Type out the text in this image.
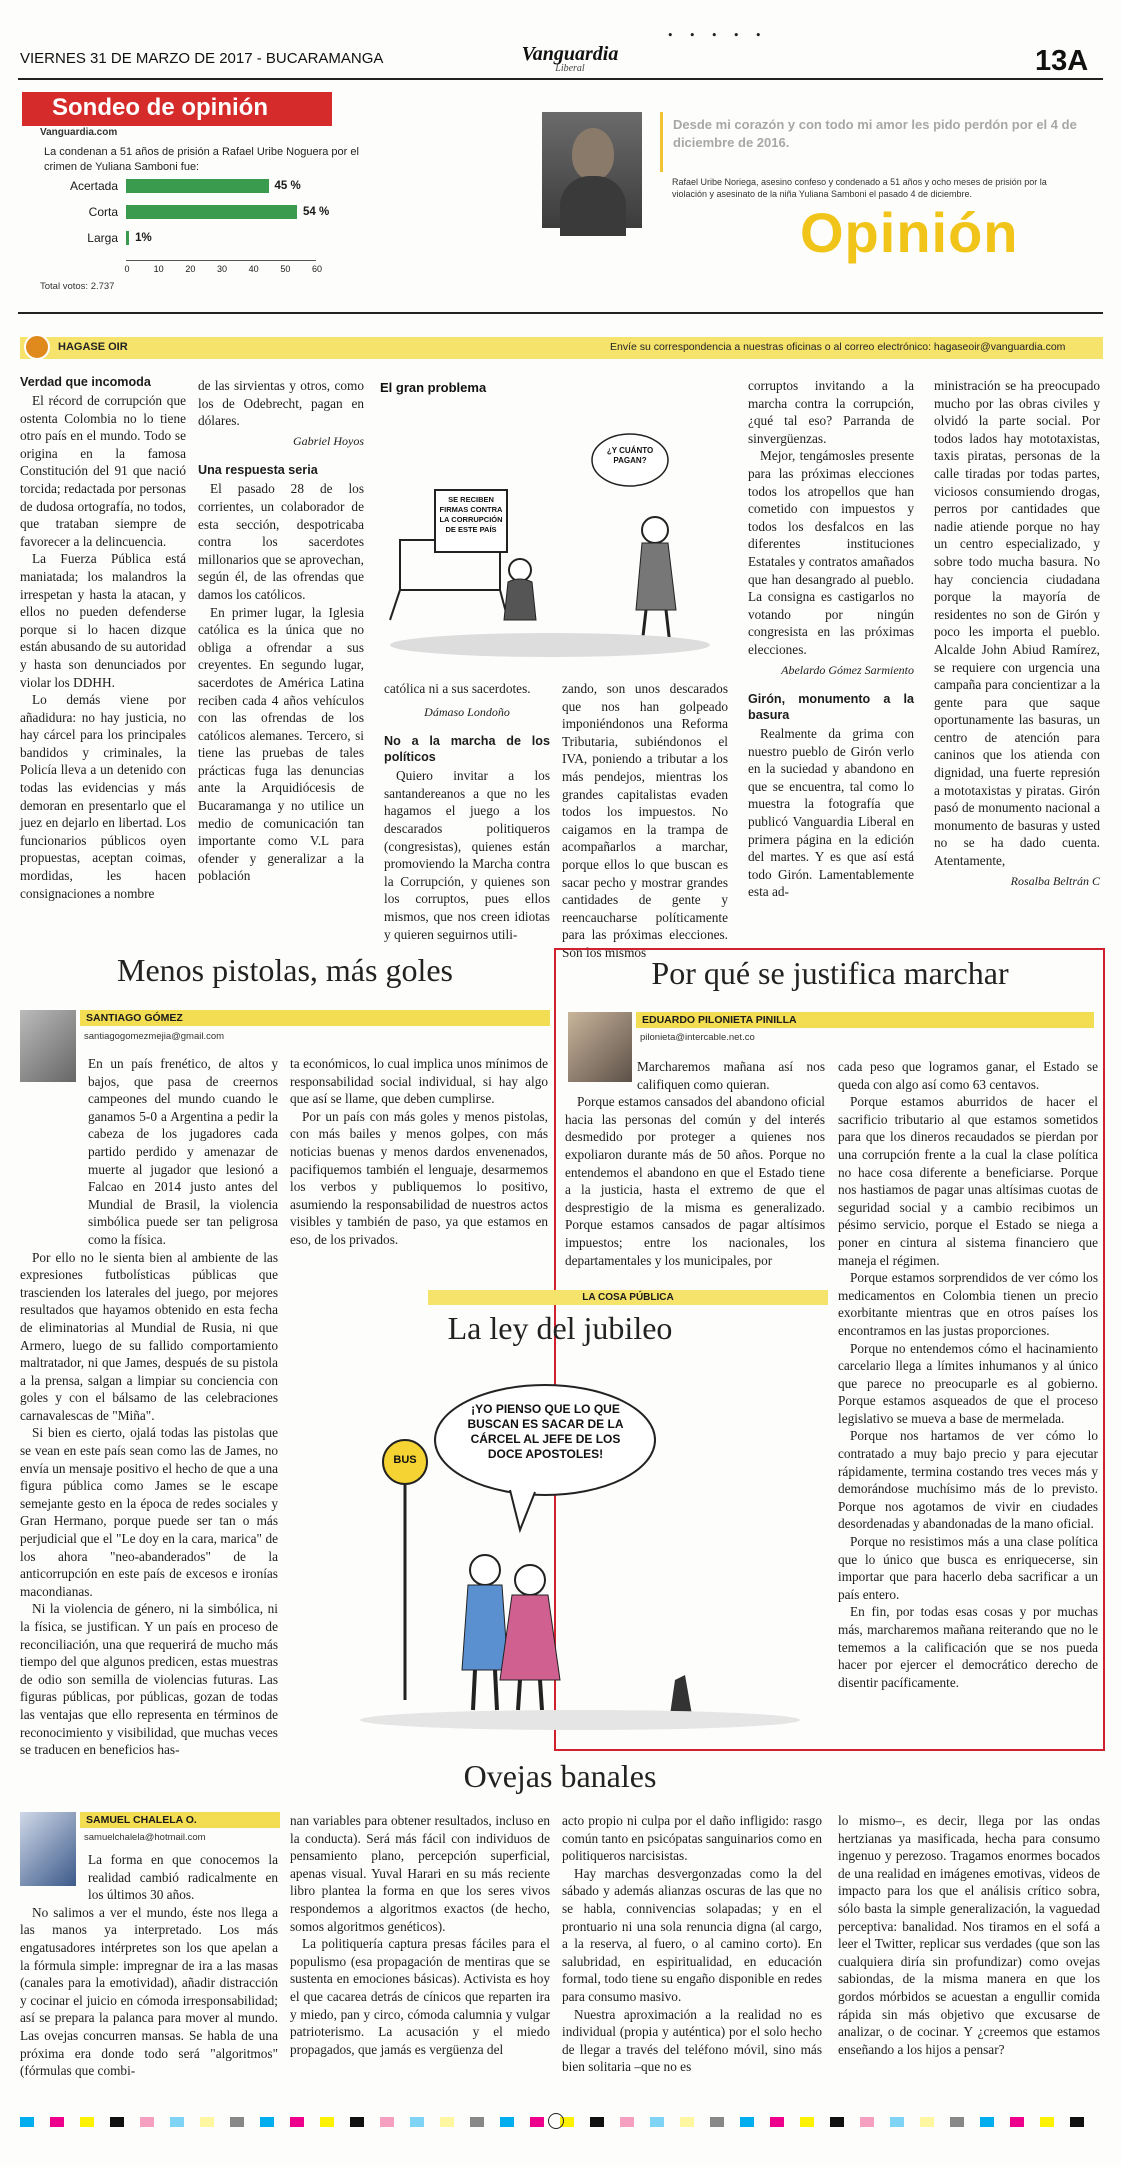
• • • • •
VIERNES 31 DE MARZO DE 2017 - BUCARAMANGA	Vanguardia
Liberal	13A
Sondeo de opinión
Vanguardia.com
La condenan a 51 años de prisión a Rafael Uribe Noguera por el crimen de Yuliana Samboni fue:
Acertada	45 %
Corta	54 %
Larga 1%
0	10 20 30 40 50 60
Total votos: 2.737
Desde mi corazón y con todo mi amor les pido perdón por el 4 de diciembre de 2016.
Rafael Uribe Noriega, asesino confeso y condenado a 51 años y ocho meses de prisión por la violación y asesinato de la niña Yuliana Samboni el pasado 4 de diciembre.
Opinión
HAGASE OIR	Envíe su correspondencia a nuestras oficinas o al correo electrónico: hagaseoir@vanguardia.com
Verdad que incomoda

El récord de corrupción que ostenta Colombia no lo tiene otro país en el mundo. Todo se origina en la famosa Constitución del 91 que nació torcida; redactada por personas de dudosa ortografía, no todos, que trataban siempre de favorecer a la delincuencia.

La Fuerza Pública está maniatada; los malandros la irrespetan y hasta la atacan, y ellos no pueden defenderse porque si lo hacen dizque están abusando de su autoridad y hasta son denunciados por violar los DDHH.

Lo demás viene por añadidura: no hay justicia, no hay cárcel para los principales bandidos y criminales, la Policía lleva a un detenido con todas las evidencias y más demoran en presentarlo que el juez en dejarlo en libertad. Los funcionarios públicos oyen propuestas, aceptan coimas, mordidas, les hacen consignaciones a nombre

de las sirvientas y otros, como los de Odebrecht, pagan en dólares.

Gabriel Hoyos
Una respuesta seria

El pasado 28 de los corrientes, un colaborador de esta sección, despotricaba contra los sacerdotes millonarios que se aprovechan, según él, de las ofrendas que damos los católicos.

En primer lugar, la Iglesia católica es la única que no obliga a ofrendar a sus creyentes. En segundo lugar, sacerdotes de América Latina reciben cada 4 años vehículos con las ofrendas de los católicos alemanes. Tercero, si tiene las pruebas de tales prácticas fuga las denuncias ante la Arquidiócesis de Bucaramanga y no utilice un medio de comunicación tan importante como V.L para ofender y generalizar a la población

El gran problema
SE RECIBEN FIRMAS CONTRA LA CORRUPCIÓN DE ESTE PAÍS
¿Y CUÁNTO PAGAN?

católica ni a sus sacerdotes.

Dámaso Londoño
No a la marcha de los políticos

Quiero invitar a los santandereanos a que no les hagamos el juego a los descarados politiqueros (congresistas), quienes están promoviendo la Marcha contra la Corrupción, y quienes son los corruptos, pues ellos mismos, que nos creen idiotas y quieren seguirnos utili-

zando, son unos descarados que nos han golpeado imponiéndonos una Reforma Tributaria, subiéndonos el IVA, poniendo a tributar a los más pendejos, mientras los grandes capitalistas evaden todos los impuestos. No caigamos en la trampa de acompañarlos a marchar, porque ellos lo que buscan es sacar pecho y mostrar grandes cantidades de gente y reencaucharse políticamente para las próximas elecciones. Son los mismos

corruptos invitando a la marcha contra la corrupción, ¿qué tal eso? Parranda de sinvergüenzas.

Mejor, tengámosles presente para las próximas elecciones todos los atropellos que han cometido con impuestos y todos los desfalcos en las diferentes instituciones Estatales y contratos amañados que han desangrado al pueblo. La consigna es castigarlos no votando por ningún congresista en las próximas elecciones.

Abelardo Gómez Sarmiento
Girón, monumento a la basura

Realmente da grima con nuestro pueblo de Girón verlo en la suciedad y abandono en que se encuentra, tal como lo muestra la fotografía que publicó Vanguardia Liberal en primera página en la edición del martes. Y es que así está todo Girón. Lamentablemente esta ad-

ministración se ha preocupado mucho por las obras civiles y olvidó la parte social. Por todos lados hay mototaxistas, taxis piratas, personas de la calle tiradas por todas partes, viciosos consumiendo drogas, perros por cantidades que nadie atiende porque no hay un centro especializado, y sobre todo mucha basura. No hay conciencia ciudadana porque la mayoría de residentes no son de Girón y poco les importa el pueblo. Alcalde John Abiud Ramírez, se requiere con urgencia una campaña para concientizar a la gente para que saque oportunamente las basuras, un centro de atención para caninos que los atienda con dignidad, una fuerte represión a mototaxistas y piratas. Girón pasó de monumento nacional a monumento de basuras y usted no se ha dado cuenta. Atentamente,

Rosalba Beltrán C
Menos pistolas, más goles
SANTIAGO GÓMEZ
santiagogomezmejia@gmail.com

En un país frenético, de altos y bajos, que pasa de creernos campeones del mundo cuando le ganamos 5-0 a Argentina a pedir la cabeza de los jugadores cada partido perdido y amenazar de muerte al jugador que lesionó a Falcao en 2014 justo antes del Mundial de Brasil, la violencia simbólica puede ser tan peligrosa como la física.

Por ello no le sienta bien al ambiente de las expresiones futbolísticas públicas que trascienden los laterales del juego, por mejores resultados que hayamos obtenido en esta fecha de eliminatorias al Mundial de Rusia, ni que Armero, luego de su fallido comportamiento maltratador, ni que James, después de su pistola a la prensa, salgan a limpiar su conciencia con goles y con el bálsamo de las celebraciones carnavalescas de "Miña".

Si bien es cierto, ojalá todas las pistolas que se vean en este país sean como las de James, no envía un mensaje positivo el hecho de que a una figura pública como James se le escape semejante gesto en la época de redes sociales y Gran Hermano, porque puede ser tan o más perjudicial que el "Le doy en la cara, marica" de los ahora "neo-abanderados" de la anticorrupción en este país de excesos e ironías macondianas.

Ni la violencia de género, ni la simbólica, ni la física, se justifican. Y un país en proceso de reconciliación, una que requerirá de mucho más tiempo del que algunos predicen, estas muestras de odio son semilla de violencias futuras. Las figuras públicas, por públicas, gozan de todas las ventajas que ello representa en términos de reconocimiento y visibilidad, que muchas veces se traducen en beneficios has-

ta económicos, lo cual implica unos mínimos de responsabilidad social individual, si hay algo que así se llame, que deben cumplirse.

Por un país con más goles y menos pistolas, con más bailes y menos golpes, con más noticias buenas y menos dardos envenenados, pacifiquemos también el lenguaje, desarmemos los verbos y publiquemos lo positivo, asumiendo la responsabilidad de nuestros actos visibles y también de paso, ya que estamos en eso, de los privados.

Por qué se justifica marchar
EDUARDO PILONIETA PINILLA
pilonieta@intercable.net.co

Marcharemos mañana así nos califiquen como quieran.

Porque estamos cansados del abandono oficial hacia las personas del común y del interés desmedido por proteger a quienes nos expoliaron durante más de 50 años. Porque no entendemos el abandono en que el Estado tiene a la justicia, hasta el extremo de que el desprestigio de la misma es generalizado. Porque estamos cansados de pagar altísimos impuestos; entre los nacionales, los departamentales y los municipales, por

cada peso que logramos ganar, el Estado se queda con algo así como 63 centavos.

Porque estamos aburridos de hacer el sacrificio tributario al que estamos sometidos para que los dineros recaudados se pierdan por una corrupción frente a la cual la clase política no hace cosa diferente a beneficiarse. Porque nos hastiamos de pagar unas altísimas cuotas de seguridad social y a cambio recibimos un pésimo servicio, porque el Estado se niega a poner en cintura al sistema financiero que maneja el régimen.

Porque estamos sorprendidos de ver cómo los medicamentos en Colombia tienen un precio exorbitante mientras que en otros países los encontramos en las justas proporciones.

Porque no entendemos cómo el hacinamiento carcelario llega a límites inhumanos y al único que parece no preocuparle es al gobierno. Porque estamos asqueados de que el proceso legislativo se mueva a base de mermelada.

Porque nos hartamos de ver cómo lo contratado a muy bajo precio y para ejecutar rápidamente, termina costando tres veces más y demorándose muchísimo más de lo previsto. Porque nos agotamos de vivir en ciudades desordenadas y abandonadas de la mano oficial.

Porque no resistimos más a una clase política que lo único que busca es enriquecerse, sin importar que para hacerlo deba sacrificar a un país entero.

En fin, por todas esas cosas y por muchas más, marcharemos mañana reiterando que no le tememos a la calificación que se nos pueda hacer por ejercer el democrático derecho de disentir pacíficamente.

LA COSA PÚBLICA
La ley del jubileo
¡YO PIENSO QUE LO QUE BUSCAN ES SACAR DE LA CÁRCEL AL JEFE DE LOS DOCE APOSTOLES!
BUS
Ovejas banales
SAMUEL CHALELA O.
samuelchalela@hotmail.com

La forma en que conocemos la realidad cambió radicalmente en los últimos 30 años.

No salimos a ver el mundo, éste nos llega a las manos ya interpretado. Los más engatusadores intérpretes son los que apelan a la fórmula simple: impregnar de ira a las masas (canales para la emotividad), añadir distracción y cocinar el juicio en cómoda irresponsabilidad; así se prepara la palanca para mover al mundo. Las ovejas concurren mansas. Se habla de una próxima era donde todo será "algoritmos" (fórmulas que combi-

nan variables para obtener resultados, incluso en la conducta). Será más fácil con individuos de pensamiento plano, percepción superficial, apenas visual. Yuval Harari en su más reciente libro plantea la forma en que los seres vivos respondemos a algoritmos exactos (de hecho, somos algoritmos genéticos).

La politiquería captura presas fáciles para el populismo (esa propagación de mentiras que se sustenta en emociones básicas). Activista es hoy el que cacarea detrás de cínicos que reparten ira y miedo, pan y circo, cómoda calumnia y vulgar patrioterismo. La acusación y el miedo propagados, que jamás es vergüenza del

acto propio ni culpa por el daño infligido: rasgo común tanto en psicópatas sanguinarios como en politiqueros narcisistas.

Hay marchas desvergonzadas como la del sábado y además alianzas oscuras de las que no se habla, connivencias solapadas; y en el prontuario ni una sola renuncia digna (al cargo, a la reserva, al fuero, o al camino corto). En salubridad, en espiritualidad, en educación formal, todo tiene su engaño disponible en redes para consumo masivo.

Nuestra aproximación a la realidad no es individual (propia y auténtica) por el solo hecho de llegar a través del teléfono móvil, sino más bien solitaria –que no es

lo mismo–, es decir, llega por las ondas hertzianas ya masificada, hecha para consumo ingenuo y perezoso. Tragamos enormes bocados de una realidad en imágenes emotivas, videos de impacto para los que el análisis crítico sobra, sólo basta la simple generalización, la vaguedad perceptiva: banalidad. Nos tiramos en el sofá a leer el Twitter, replicar sus verdades (que son las cualquiera diría sin profundizar) como ovejas sabiondas, de la misma manera en que los gordos mórbidos se acuestan a engullir comida rápida sin más objetivo que excusarse de analizar, o de cocinar. Y ¿creemos que estamos enseñando a los hijos a pensar?
